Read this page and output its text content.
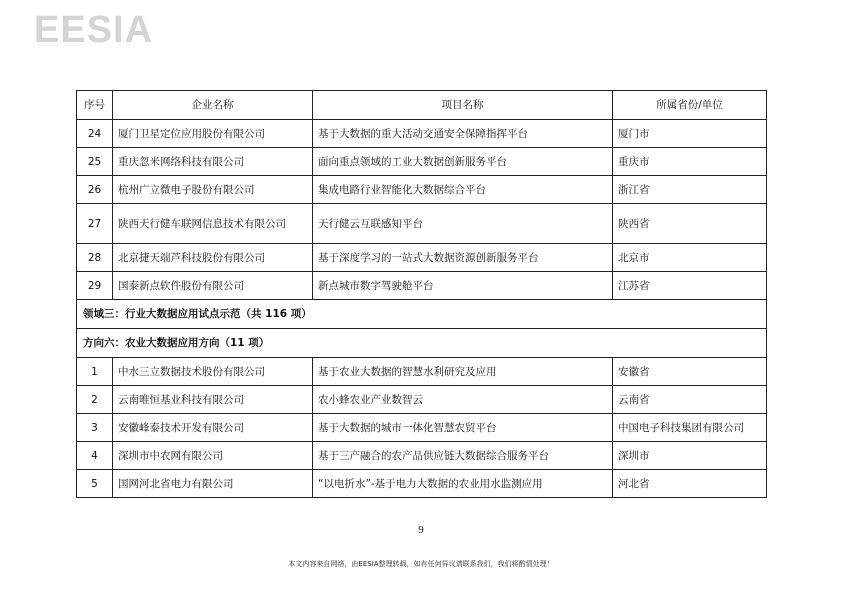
EESIA
序号	企业名称	项目名称	所属省份/单位
24	厦门卫星定位应用股份有限公司	基于大数据的重大活动交通安全保障指挥平台	厦门市
25	重庆忽米网络科技有限公司	面向重点领域的工业大数据创新服务平台	重庆市
26	杭州广立微电子股份有限公司	集成电路行业智能化大数据综合平台	浙江省
27	陕西天行健车联网信息技术有限公司	天行健云互联感知平台	陕西省
28	北京捷天端芦科技股份有限公司	基于深度学习的一站式大数据资源创新服务平台	北京市
29	国泰新点软件股份有限公司	新点城市数字驾驶舱平台	江苏省
领域三：行业大数据应用试点示范（共 116 项）			
方向六：农业大数据应用方向（11 项）			
1	中水三立数据技术股份有限公司	基于农业大数据的智慧水利研究及应用	安徽省
2	云南唯恒基业科技有限公司	农小蜂农业产业数智云	云南省
3	安徽峰泰技术开发有限公司	基于大数据的城市一体化智慧农贸平台	中国电子科技集团有限公司
4	深圳市中农网有限公司	基于三产融合的农产品供应链大数据综合服务平台	深圳市
5	国网河北省电力有限公司	“以电折水”-基于电力大数据的农业用水监测应用	河北省
9
本文内容来自网络，由EESIA整理转载，如有任何异议请联系我们，我们将酌情处理！
